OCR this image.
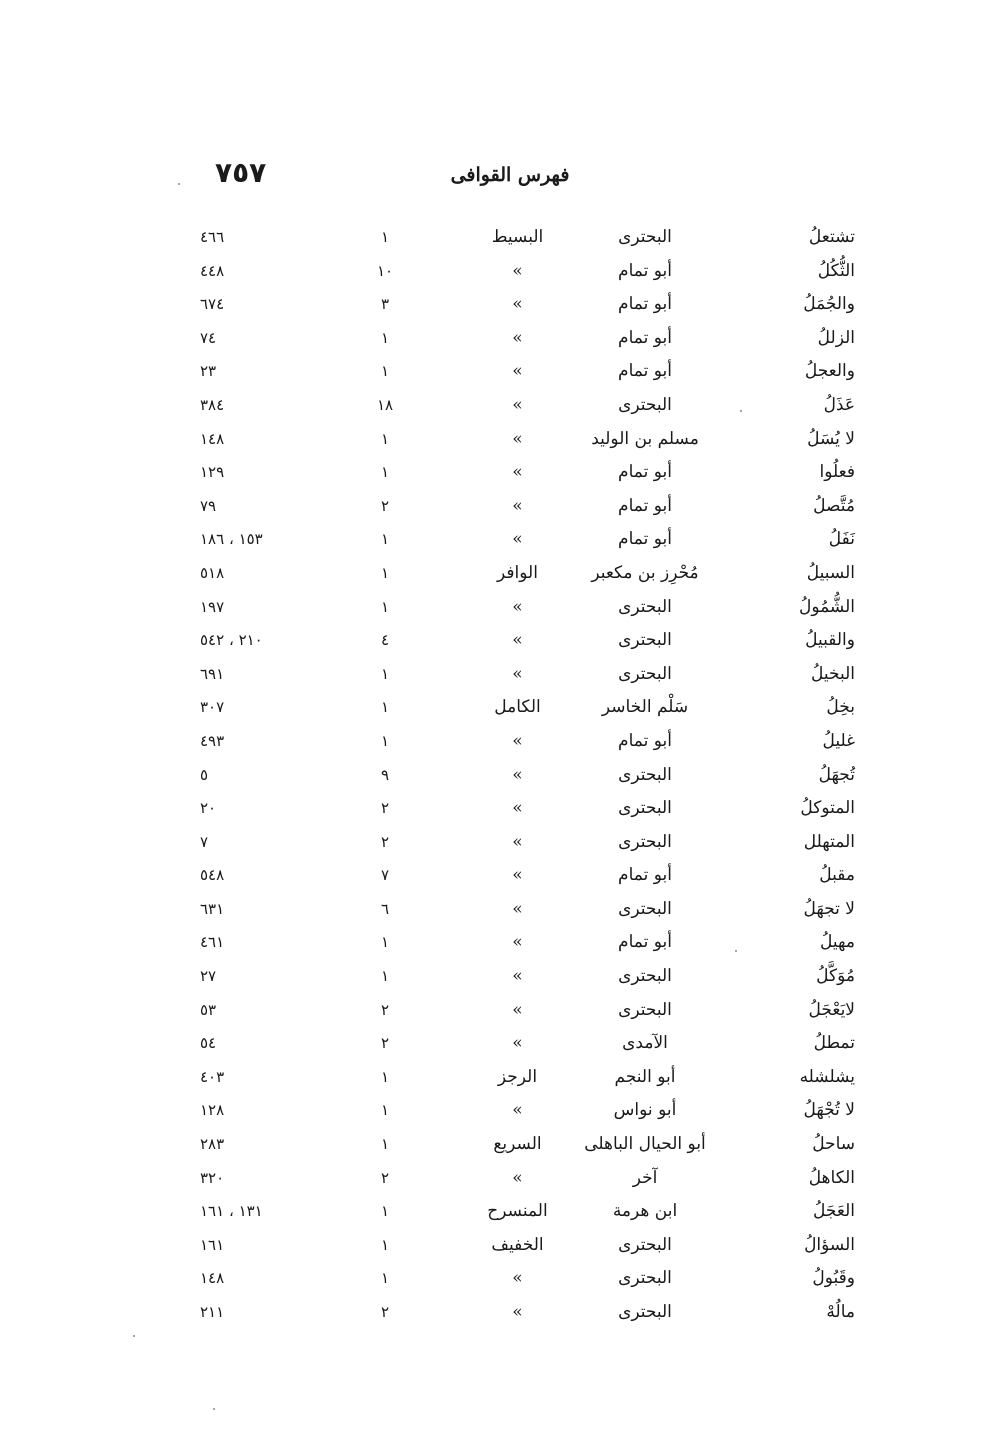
٧٥٧	فهرس القوافى
تشتعلُ
البحترى
البسيط
١
٤٦٦
الثُّكُلُ
أبو تمام
»
١٠
٤٤٨
والجُمَلُ
أبو تمام
»
٣
٦٧٤
الزللُ
أبو تمام
»
١
٧٤
والعجلُ
أبو تمام
»
١
٢٣
عَذَلُ
البحترى
»
١٨
٣٨٤
لا يُسَلُ
مسلم بن الوليد
»
١
١٤٨
فعلُوا
أبو تمام
»
١
١٢٩
مُتَّصلُ
أبو تمام
»
٢
٧٩
نَفَلُ
أبو تمام
»
١
١٥٣ ، ١٨٦
السبيلُ
مُحْرِز بن مكعبر
الوافر
١
٥١٨
الشُّمُولُ
البحترى
»
١
١٩٧
والقبيلُ
البحترى
»
٤
٢١٠ ، ٥٤٢
البخيلُ
البحترى
»
١
٦٩١
بخِلُ
سَلْم الخاسر
الكامل
١
٣٠٧
غليلُ
أبو تمام
»
١
٤٩٣
تُجهَلُ
البحترى
»
٩
٥
المتوكلُ
البحترى
»
٢
٢٠
المتهلل
البحترى
»
٢
٧
مقبلُ
أبو تمام
»
٧
٥٤٨
لا تجهَلُ
البحترى
»
٦
٦٣١
مهيلُ
أبو تمام
»
١
٤٦١
مُوَكَّلُ
البحترى
»
١
٢٧
لايَعْجَلُ
البحترى
»
٢
٥٣
تمطلُ
الآمدى
»
٢
٥٤
يشلشله
أبو النجم
الرجز
١
٤٠٣
لا تُجْهَلُ
أبو نواس
»
١
١٢٨
ساحلُ
أبو الحيال الباهلى
السريع
١
٢٨٣
الكاهلُ
آخر
»
٢
٣٢٠
العَجَلُ
ابن هرمة
المنسرح
١
١٣١ ، ١٦١
السؤالُ
البحترى
الخفيف
١
١٦١
وقَبُولُ
البحترى
»
١
١٤٨
مالُهْ
البحترى
»
٢
٢١١
